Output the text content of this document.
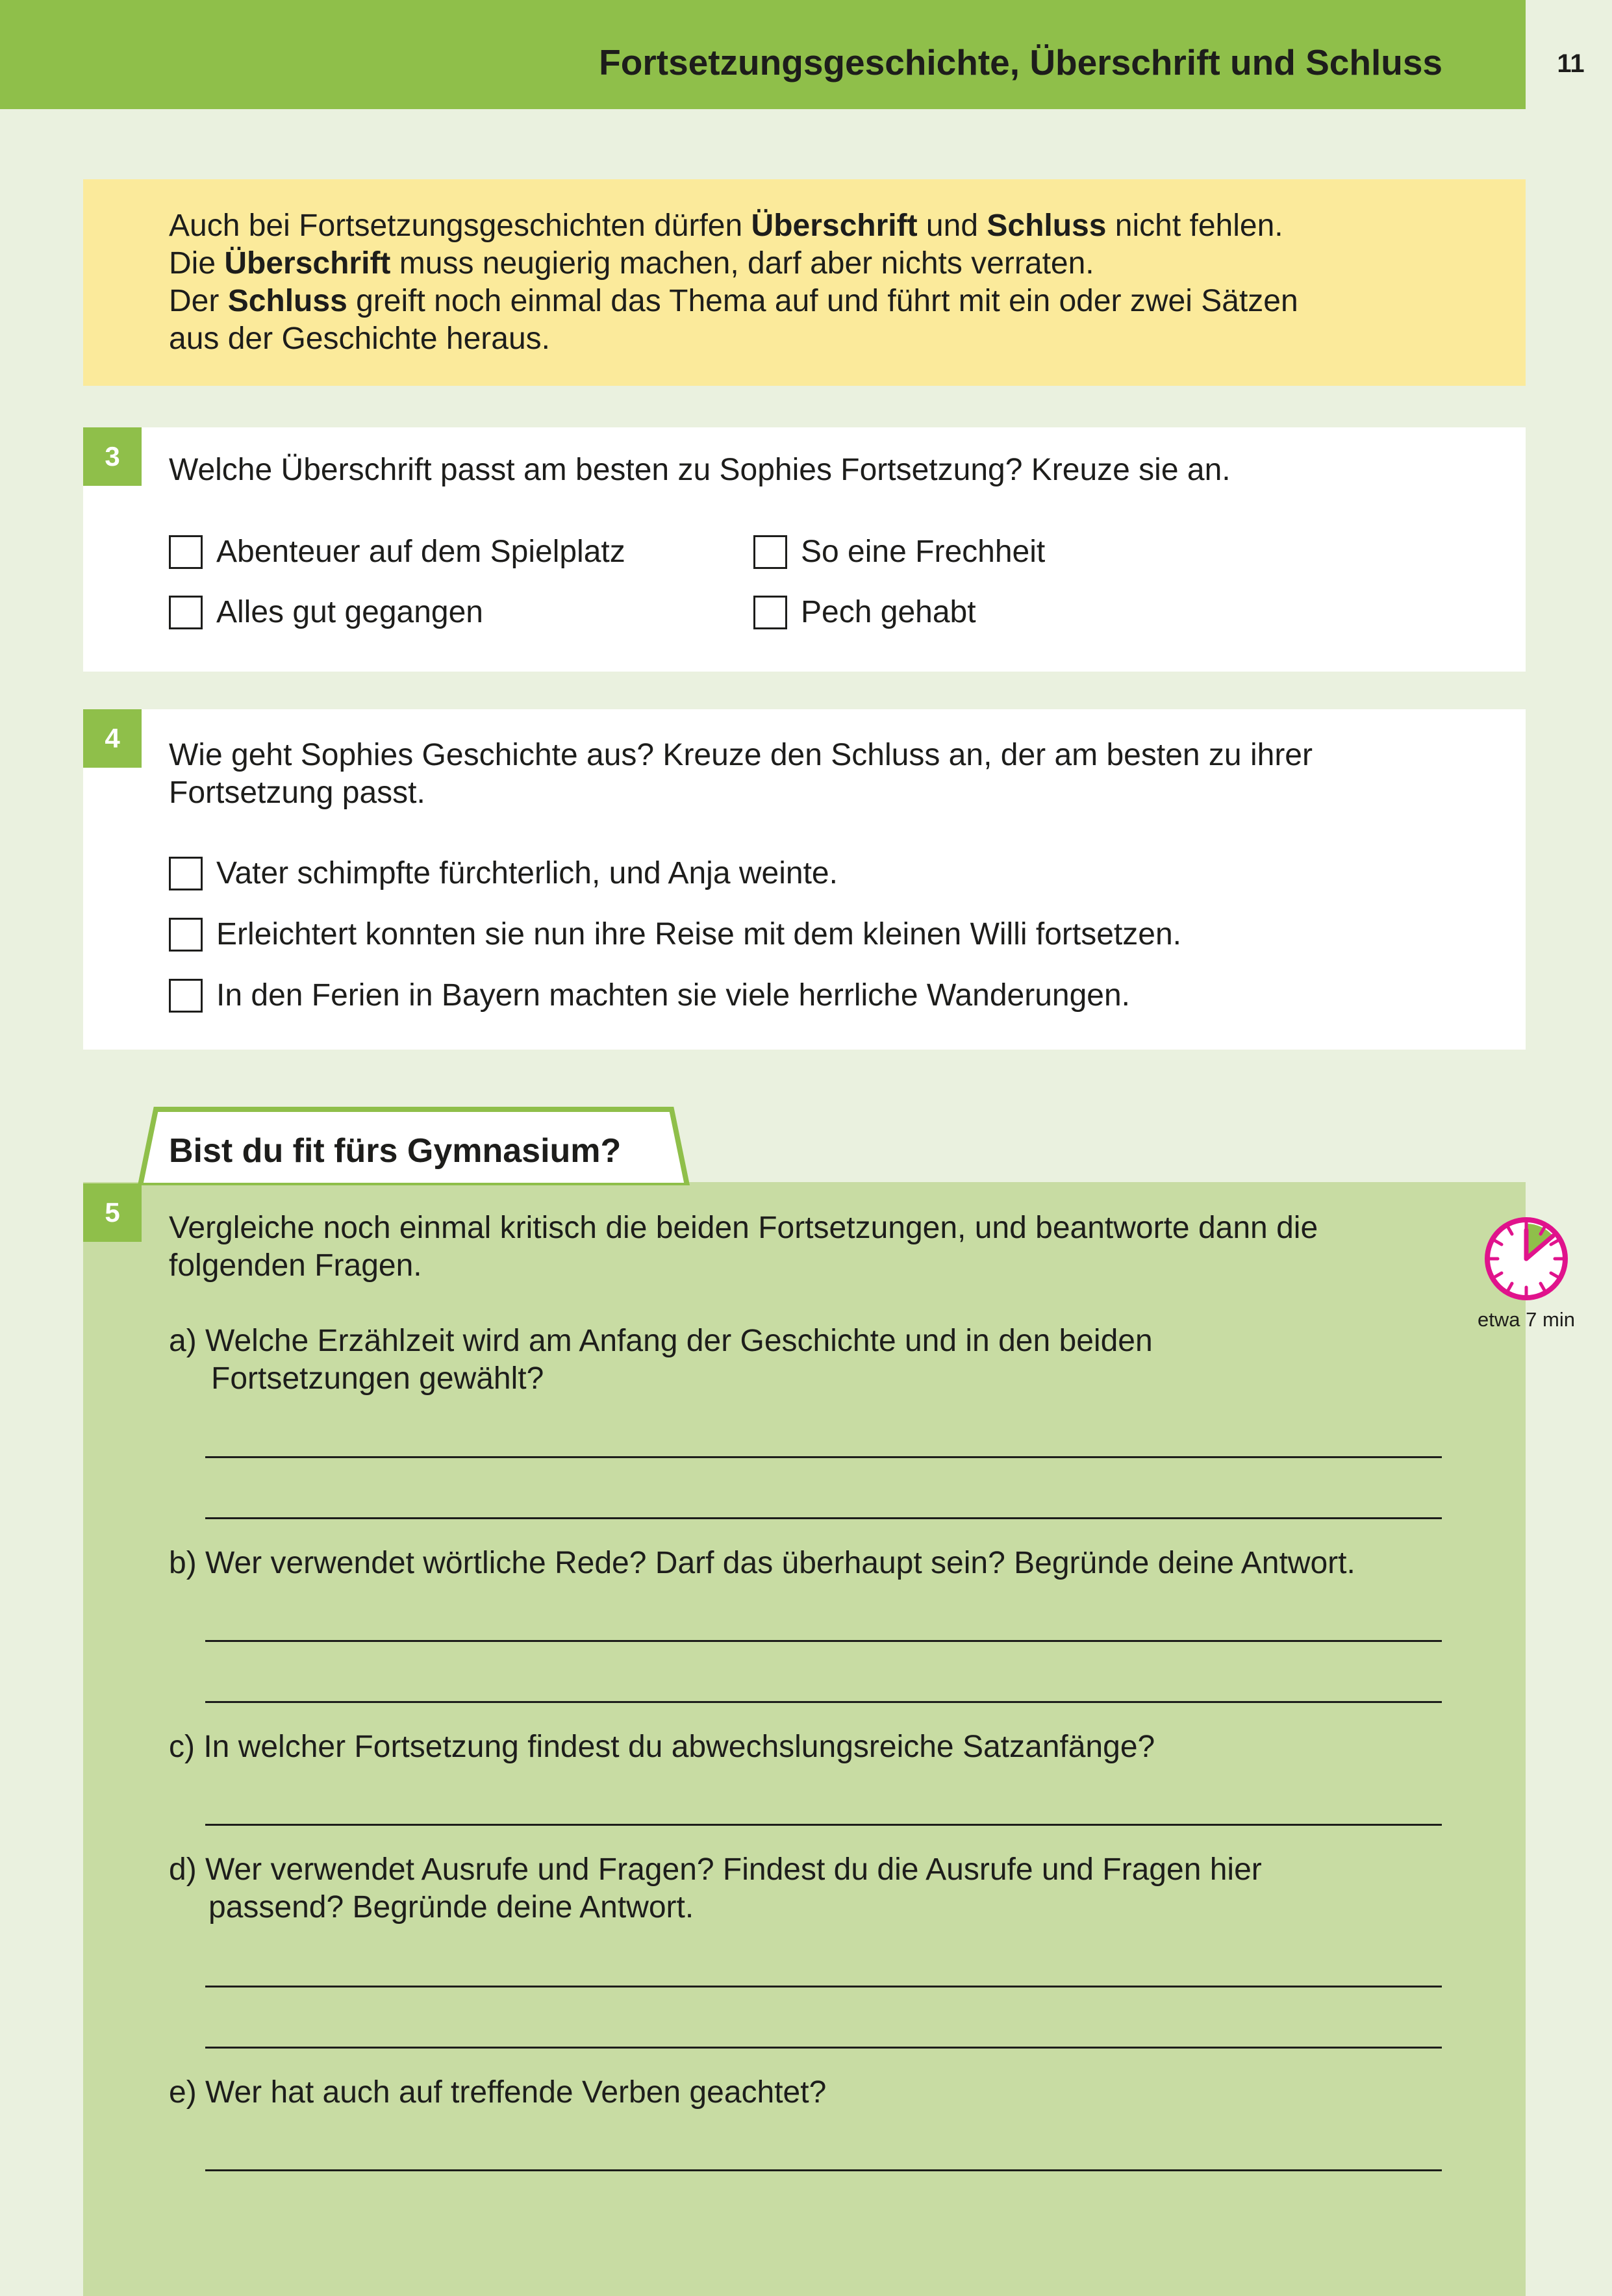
Fortsetzungsgeschichte, Überschrift und Schluss	11

Auch bei Fortsetzungsgeschichten dürfen Überschrift und Schluss nicht fehlen.

Die Überschrift muss neugierig machen, darf aber nichts verraten.

Der Schluss greift noch einmal das Thema auf und führt mit ein oder zwei Sätzen

aus der Geschichte heraus.

3	Welche Überschrift passt am besten zu Sophies Fortsetzung? Kreuze sie an.
Abenteuer auf dem Spielplatz	So eine Frechheit
Alles gut gegangen	Pech gehabt
4	Wie geht Sophies Geschichte aus? Kreuze den Schluss an, der am besten zu ihrer
Fortsetzung passt.
Vater schimpfte fürchterlich, und Anja weinte.
Erleichtert konnten sie nun ihre Reise mit dem kleinen Willi fortsetzen.
In den Ferien in Bayern machten sie viele herrliche Wanderungen.
Bist du fit fürs Gymnasium?
5	Vergleiche noch einmal kritisch die beiden Fortsetzungen, und beantworte dann die
folgenden Fragen.
etwa 7 min
a) Welche Erzählzeit wird am Anfang der Geschichte und in den beiden
Fortsetzungen gewählt?
b) Wer verwendet wörtliche Rede? Darf das überhaupt sein? Begründe deine Antwort.
c) In welcher Fortsetzung findest du abwechslungsreiche Satzanfänge?
d) Wer verwendet Ausrufe und Fragen? Findest du die Ausrufe und Fragen hier
passend? Begründe deine Antwort.
e) Wer hat auch auf treffende Verben geachtet?
